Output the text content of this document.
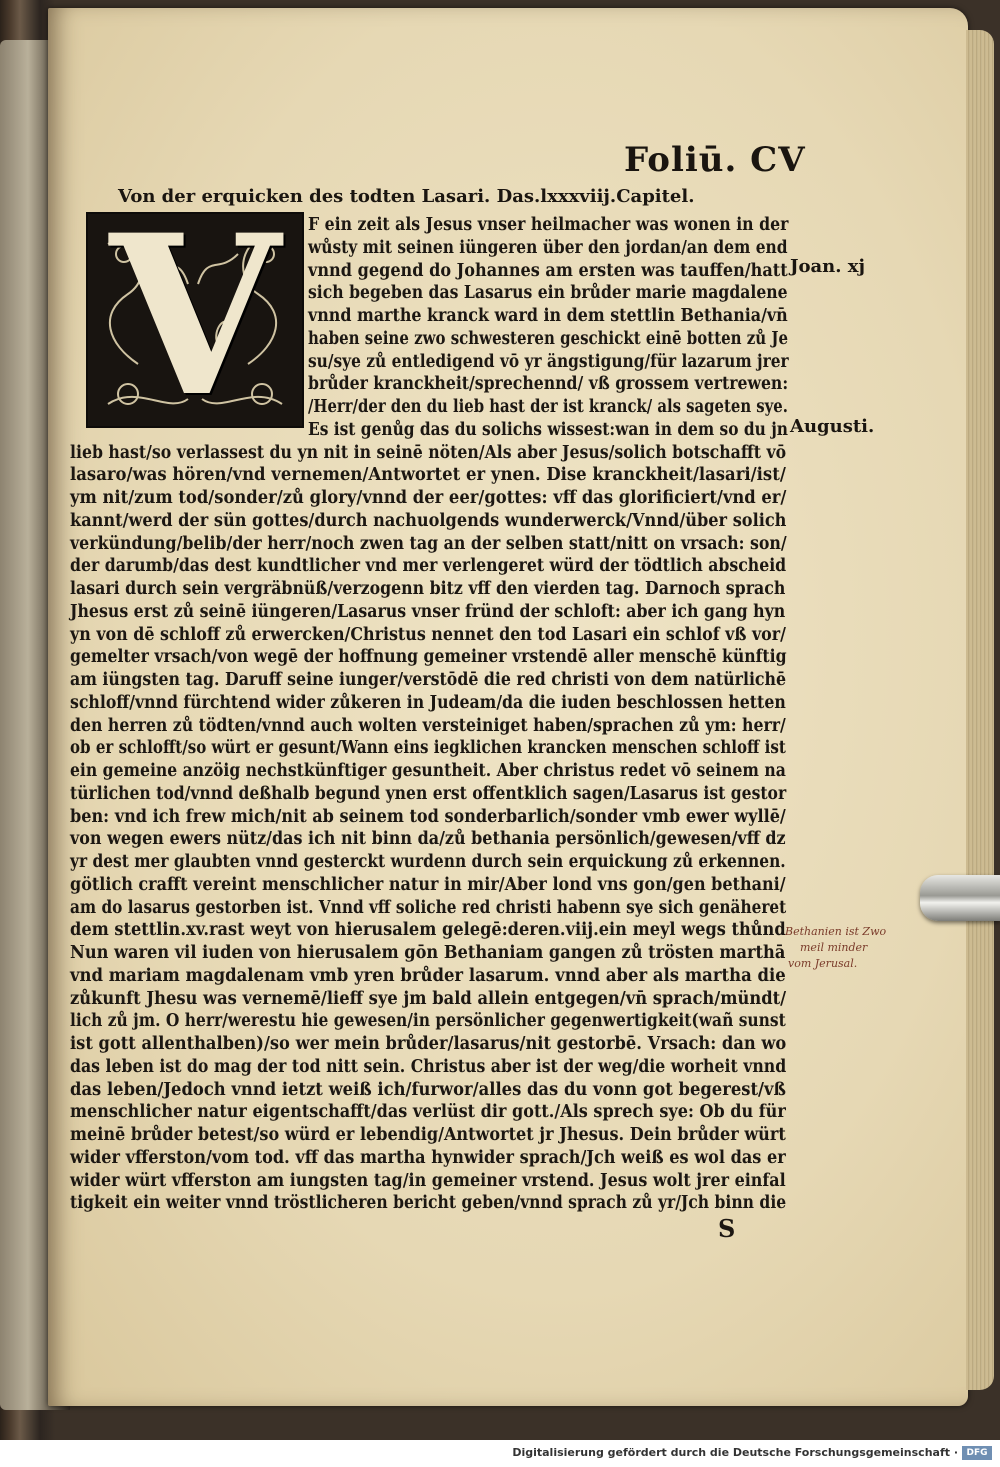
Foliū. CV
Von der erquicken des todten Lasari. Das.lxxxviij.Capitel.
V	F ein zeit als Jesus vnser heilmacher was wonen in der
wůsty mit seinen iüngeren über den jordan/an dem end
vnnd gegend do Johannes am ersten was tauffen/hatt
sich begeben das Lasarus ein brůder marie magdalene
vnnd marthe kranck ward in dem stettlin Bethania/vn̄
haben seine zwo schwesteren geschickt einē botten zů Je
su/sye zů entledigend vō yr ängstigung/für lazarum jrer
brůder kranckheit/sprechennd/ vß grossem vertrewen:
/Herr/der den du lieb hast der ist kranck/ als sageten sye.
Es ist genůg das du solichs wissest:wan in dem so du jn
lieb hast/so verlassest du yn nit in seinē nöten/Als aber Jesus/solich botschafft vō
lasaro/was hören/vnd vernemen/Antwortet er ynen. Dise kranckheit/lasari/ist/
ym nit/zum tod/sonder/zů glory/vnnd der eer/gottes: vff das glorificiert/vnd er/
kannt/werd der sün gottes/durch nachuolgends wunderwerck/Vnnd/über solich
verkündung/belib/der herr/noch zwen tag an der selben statt/nitt on vrsach: son/
der darumb/das dest kundtlicher vnd mer verlengeret würd der tödtlich abscheid
lasari durch sein vergräbnüß/verzogenn bitz vff den vierden tag. Darnoch sprach
Jhesus erst zů seinē iüngeren/Lasarus vnser fründ der schloft: aber ich gang hyn
yn von dē schloff zů erwercken/Christus nennet den tod Lasari ein schlof vß vor/
gemelter vrsach/von wegē der hoffnung gemeiner vrstendē aller menschē künftig
am iüngsten tag. Daruff seine iunger/verstōdē die red christi von dem natürlichē
schloff/vnnd fürchtend wider zůkeren in Judeam/da die iuden beschlossen hetten
den herren zů tödten/vnnd auch wolten versteiniget haben/sprachen zů ym: herr/
ob er schlofft/so würt er gesunt/Wann eins iegklichen krancken menschen schloff ist
ein gemeine anzöig nechstkünftiger gesuntheit. Aber christus redet vō seinem na
türlichen tod/vnnd deßhalb begund ynen erst offentklich sagen/Lasarus ist gestor
ben: vnd ich frew mich/nit ab seinem tod sonderbarlich/sonder vmb ewer wyllē/
von wegen ewers nütz/das ich nit binn da/zů bethania persönlich/gewesen/vff dz
yr dest mer glaubten vnnd gesterckt wurdenn durch sein erquickung zů erkennen.
götlich crafft vereint menschlicher natur in mir/Aber lond vns gon/gen bethani/
am do lasarus gestorben ist. Vnnd vff soliche red christi habenn sye sich genäheret
dem stettlin.xv.rast weyt von hierusalem gelegē:deren.viij.ein meyl wegs thůnd
Nun waren vil iuden von hierusalem gōn Bethaniam gangen zů trösten marthā
vnd mariam magdalenam vmb yren brůder lasarum. vnnd aber als martha die
zůkunft Jhesu was vernemē/lieff sye jm bald allein entgegen/vn̄ sprach/mündt/
lich zů jm. O herr/werestu hie gewesen/in persönlicher gegenwertigkeit(wañ sunst
ist gott allenthalben)/so wer mein brůder/lasarus/nit gestorbē. Vrsach: dan wo
das leben ist do mag der tod nitt sein. Christus aber ist der weg/die worheit vnnd
das leben/Jedoch vnnd ietzt weiß ich/furwor/alles das du vonn got begerest/vß
menschlicher natur eigentschafft/das verlüst dir gott./Als sprech sye: Ob du für
meinē brůder betest/so würd er lebendig/Antwortet jr Jhesus. Dein brůder würt
wider vfferston/vom tod. vff das martha hynwider sprach/Jch weiß es wol das er
wider würt vfferston am iungsten tag/in gemeiner vrstend. Jesus wolt jrer einfal
tigkeit ein weiter vnnd tröstlicheren bericht geben/vnnd sprach zů yr/Jch binn die
Joan. xj
Augusti.
Bethanien ist Zwo
meil minder
vom Jerusal.
S
Digitalisierung gefördert durch die Deutsche Forschungsgemeinschaft · DFG
